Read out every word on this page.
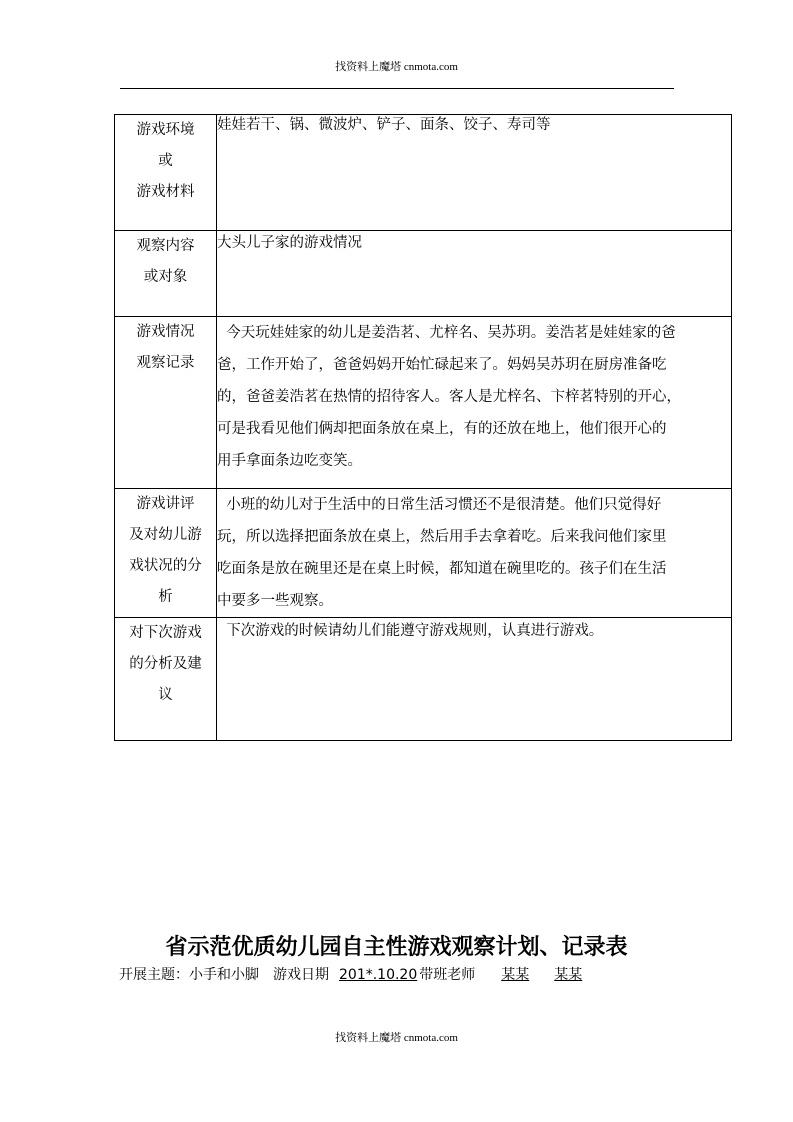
找资料上魔塔 cnmota.com
游戏环境
或
游戏材料	娃娃若干、锅、微波炉、铲子、面条、饺子、寿司等

观察内容
或对象	大头儿子家的游戏情况

游戏情况
观察记录	今天玩娃娃家的幼儿是姜浩茗、尤梓名、吴苏玥。姜浩茗是娃娃家的爸
爸，工作开始了，爸爸妈妈开始忙碌起来了。妈妈吴苏玥在厨房准备吃
的，爸爸姜浩茗在热情的招待客人。客人是尤梓名、卞梓茗特别的开心，
可是我看见他们俩却把面条放在桌上，有的还放在地上，他们很开心的
用手拿面条边吃变笑。

游戏讲评
及对幼儿游
戏状况的分
析	小班的幼儿对于生活中的日常生活习惯还不是很清楚。他们只觉得好
玩，所以选择把面条放在桌上，然后用手去拿着吃。后来我问他们家里
吃面条是放在碗里还是在桌上时候，都知道在碗里吃的。孩子们在生活
中要多一些观察。

对下次游戏
的分析及建
议	下次游戏的时候请幼儿们能遵守游戏规则，认真进行游戏。
省示范优质幼儿园自主性游戏观察计划、记录表
开展主题：小手和小脚 游戏日期 201*.10.20 带班老师 某某 某某
找资料上魔塔 cnmota.com
